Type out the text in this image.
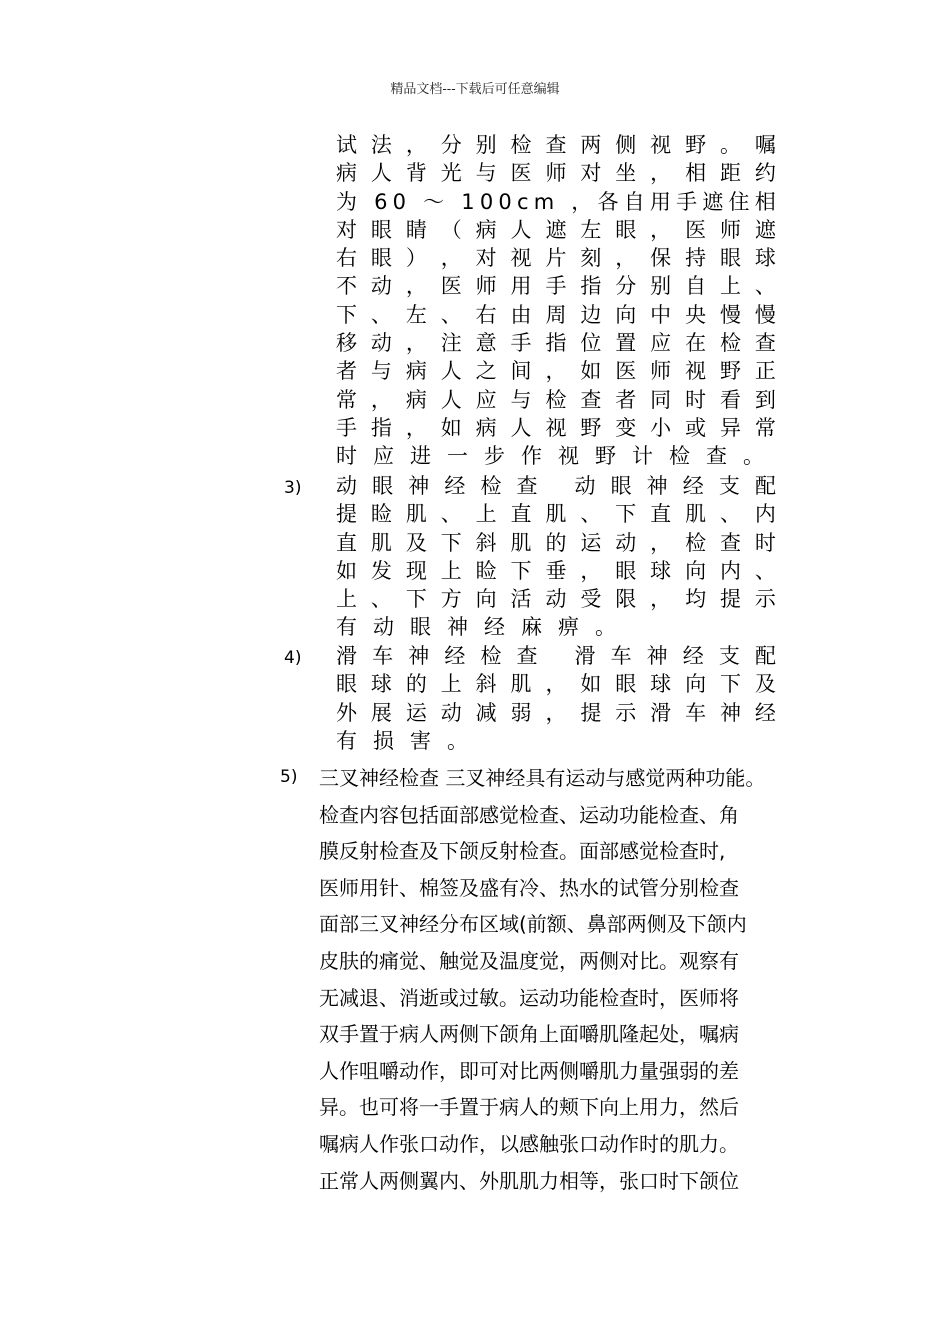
精品文档---下载后可任意编辑
试 法 ， 分 别 检 查 两 侧 视 野 。 嘱
病 人 背 光 与 医 师 对 坐 ， 相 距 约
为
6 0
～
1 0 0 c m
， 各 自 用 手 遮 住 相
对 眼 睛 （ 病 人 遮 左 眼 ， 医 师 遮
右 眼 ） ， 对 视 片 刻 ， 保 持 眼 球
不 动 ， 医 师 用 手 指 分 别 自 上 、
下 、 左 、 右 由 周 边 向 中 央 慢 慢
移 动 ， 注 意 手 指 位 置 应 在 检 查
者 与 病 人 之 间 ， 如 医 师 视 野 正
常 ， 病 人 应 与 检 查 者 同 时 看 到
手 指 ， 如 病 人 视 野 变 小 或 异 常
时应进一步作视野计检查。
3) 动 眼 神 经 检 查
动 眼 神 经 支 配
提 睑 肌 、 上 直 肌 、 下 直 肌 、 内
直 肌 及 下 斜 肌 的 运 动 ， 检 查 时
如 发 现 上 睑 下 垂 ， 眼 球 向 内 、
上 、 下 方 向 活 动 受 限 ， 均 提 示
有动眼神经麻痹。
4) 滑 车 神 经 检 查
滑 车 神 经 支 配
眼 球 的 上 斜 肌 ， 如 眼 球 向 下 及
外 展 运 动 减 弱 ， 提 示 滑 车 神 经
有损害。
5) 三叉神经检查 三叉神经具有运动与感觉两种功能。
检查内容包括面部感觉检查、运动功能检查、角
膜反射检查及下颌反射检查。面部感觉检查时,
医师用针、棉签及盛有冷、热水的试管分别检查
面部三叉神经分布区域(前额、鼻部两侧及下颌内
皮肤的痛觉、触觉及温度觉，两侧对比。观察有
无减退、消逝或过敏。运动功能检查时，医师将
双手置于病人两侧下颌角上面嚼肌隆起处，嘱病
人作咀嚼动作，即可对比两侧嚼肌力量强弱的差
异。也可将一手置于病人的颊下向上用力，然后
嘱病人作张口动作，以感触张口动作时的肌力。
正常人两侧翼内、外肌肌力相等，张口时下颌位
